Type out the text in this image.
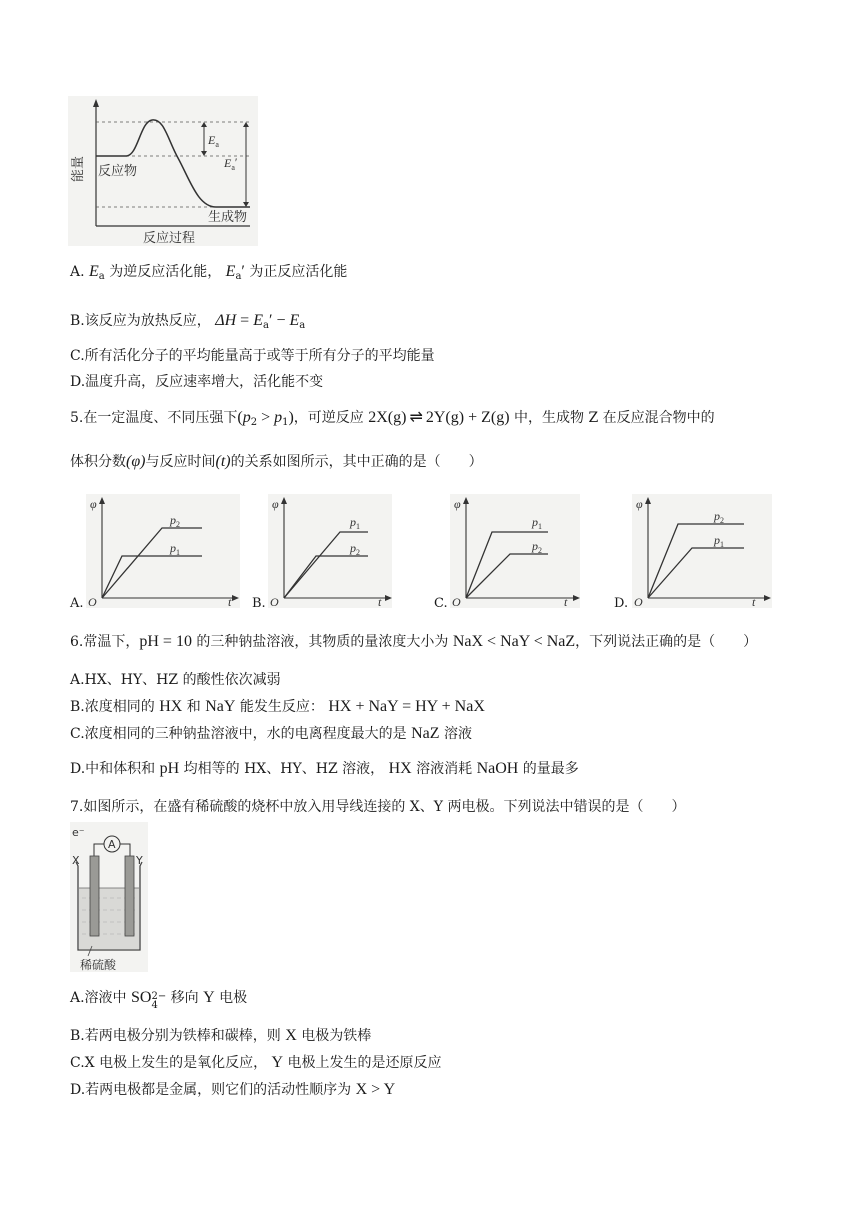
$E_a$
$E_a'$
反应物
生成物
反应过程
能量
A. $E_a$ 为逆反应活化能， $E_a'$ 为正反应活化能
B.该反应为放热反应， $\Delta H = E_a' - E_a$
C.所有活化分子的平均能量高于或等于所有分子的平均能量
D.温度升高，反应速率增大，活化能不变
5.在一定温度、不同压强下$(p_2 > p_1)$，可逆反应 2X(g) ⇌ 2Y(g) + Z(g) 中，生成物 Z 在反应混合物中的
体积分数(φ)与反应时间(t)的关系如图所示，其中正确的是（　　）
φ
$p_2$
$p_1$
O	t
A.
φ
$p_1$
$p_2$
O	t
B.
φ
$p_1$
$p_2$
O	t
C.
φ
$p_2$
$p_1$
O	t
D.
6.常温下，pH = 10 的三种钠盐溶液，其物质的量浓度大小为 NaX < NaY < NaZ，下列说法正确的是（　　）
A.HX、HY、HZ 的酸性依次减弱
B.浓度相同的 HX 和 NaY 能发生反应： HX + NaY = HY + NaX
C.浓度相同的三种钠盐溶液中，水的电离程度最大的是 NaZ 溶液
D.中和体积和 pH 均相等的 HX、HY、HZ 溶液， HX 溶液消耗 NaOH 的量最多
7.如图所示，在盛有稀硫酸的烧杯中放入用导线连接的 X、Y 两电极。下列说法中错误的是（　　）
e⁻
A
X	Y
稀硫酸
A.溶液中 SO2−
4 移向 Y 电极
B.若两电极分别为铁棒和碳棒，则 X 电极为铁棒
C.X 电极上发生的是氧化反应， Y 电极上发生的是还原反应
D.若两电极都是金属，则它们的活动性顺序为 X > Y
